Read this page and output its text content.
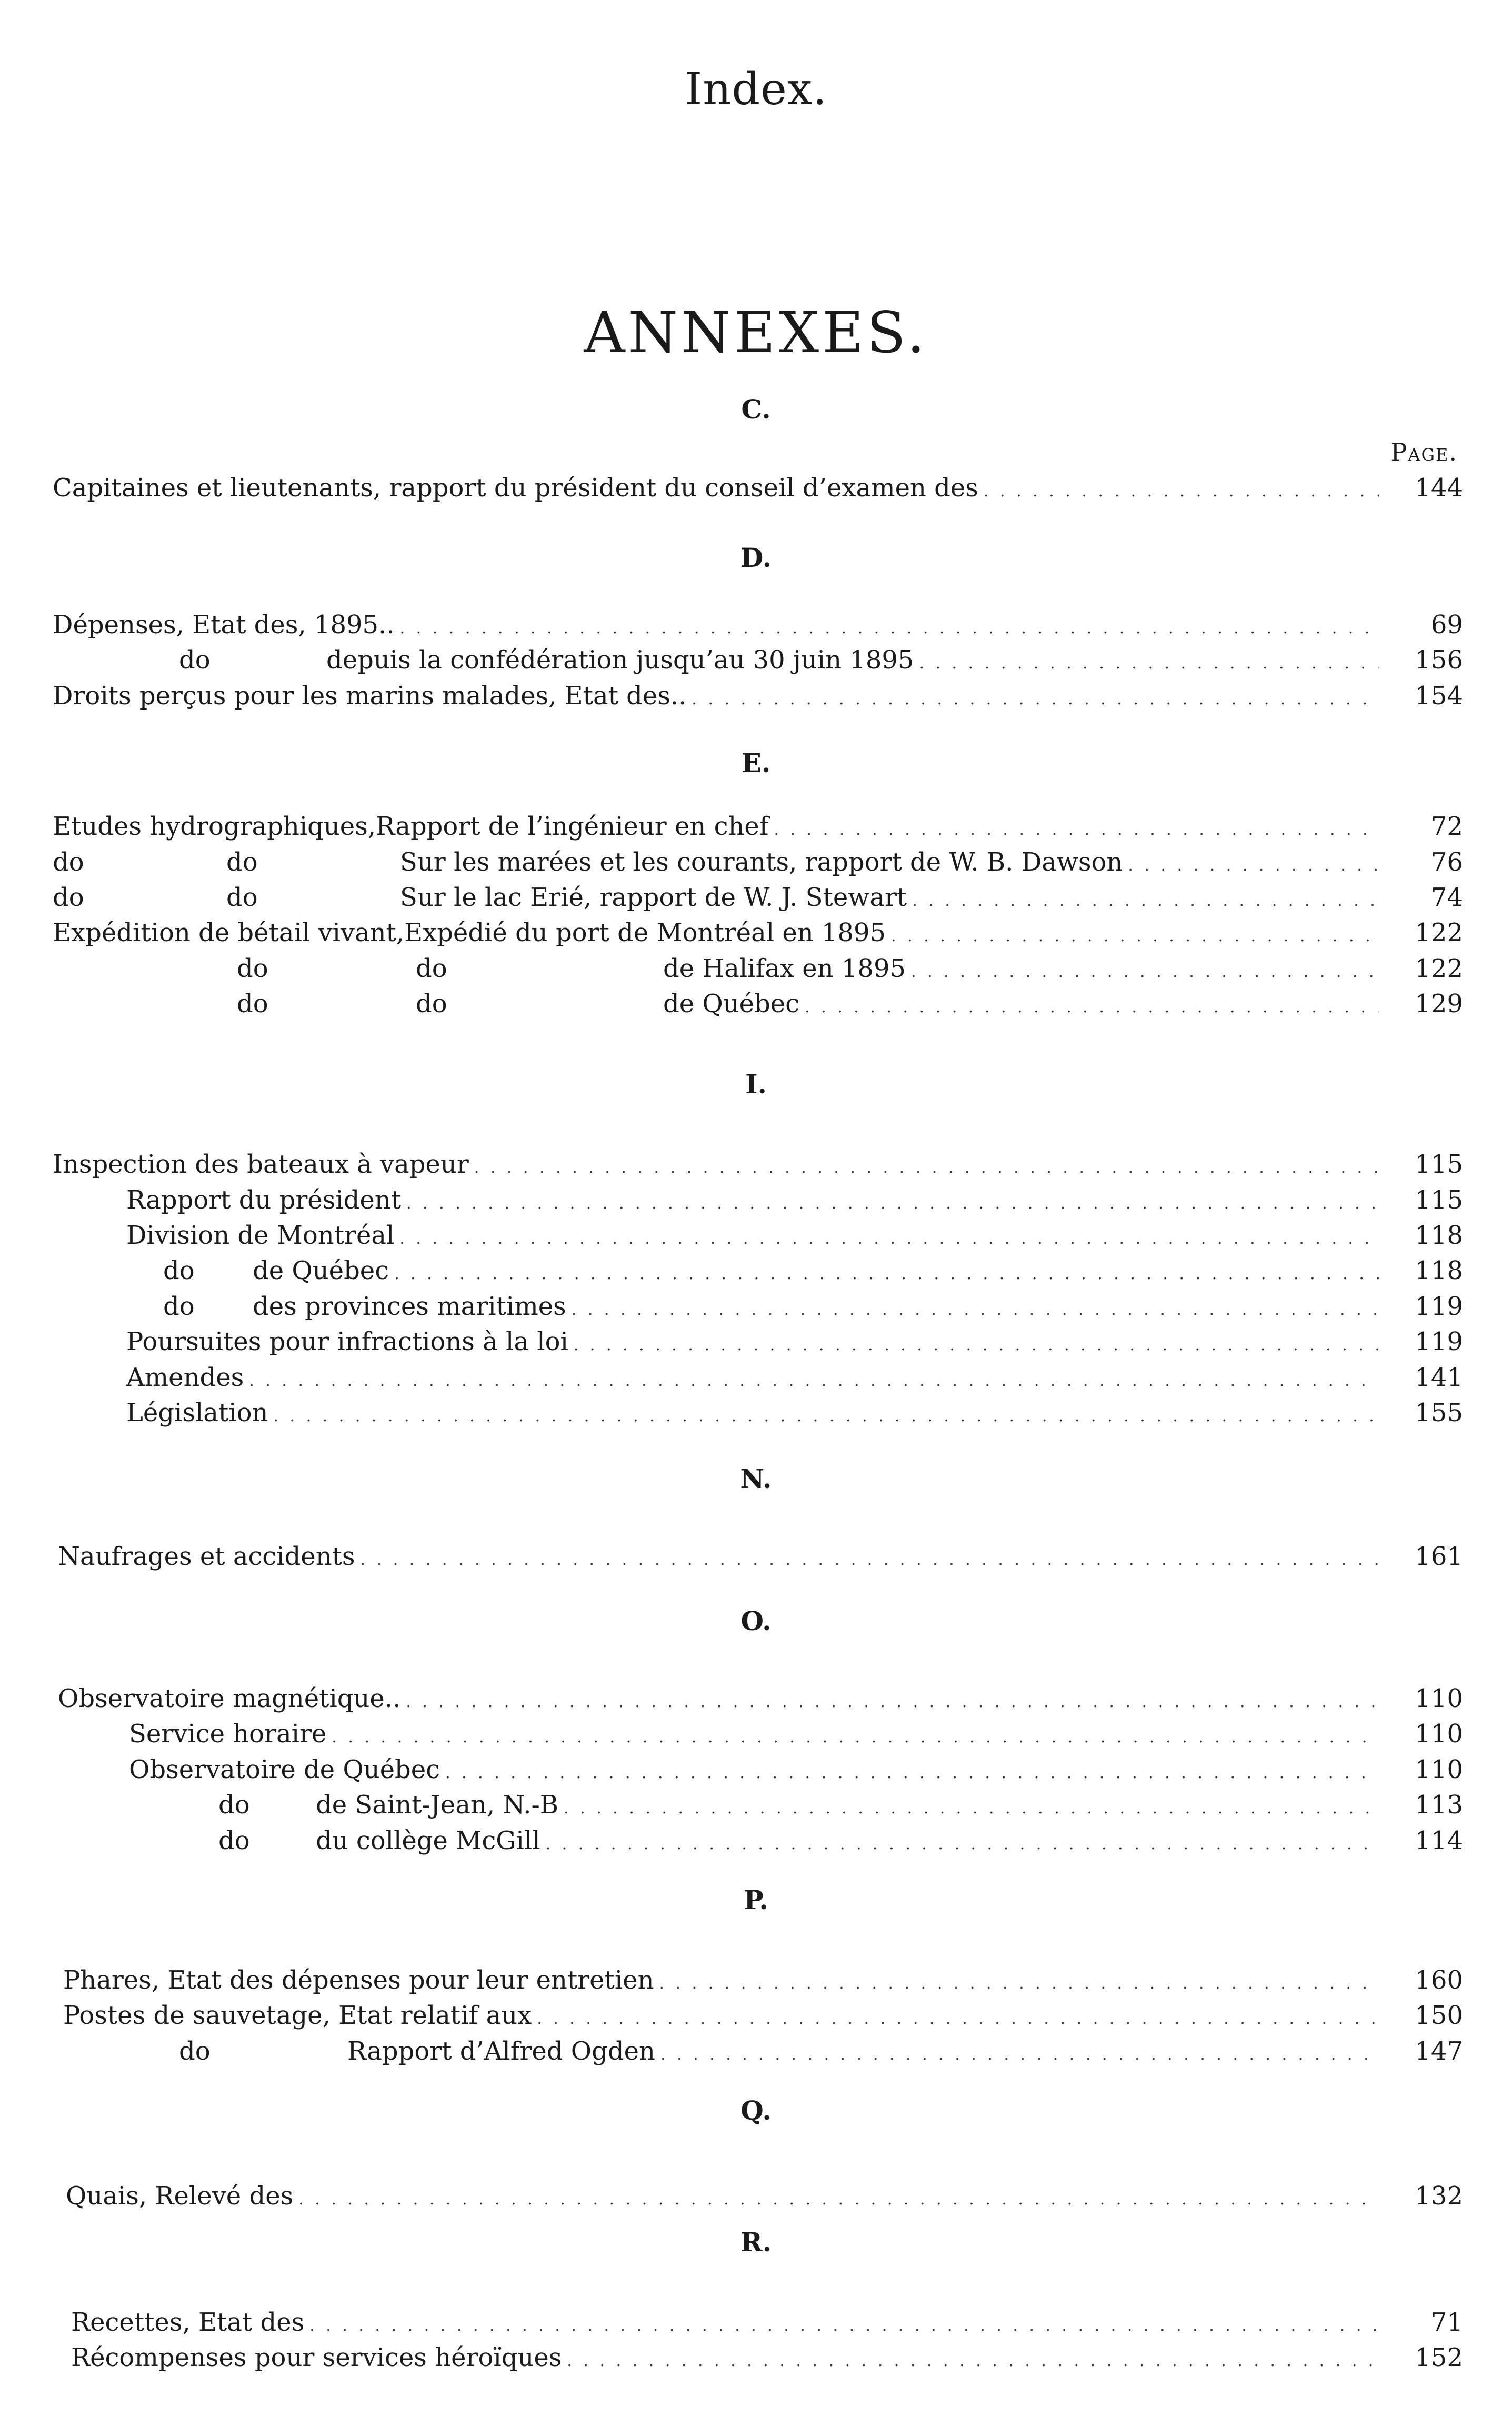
Index.
ANNEXES.
Page.
C.
Capitaines et lieutenants, rapport du président du conseil d’examen des . . .	144
D.
Dépenses, Etat des, 1895.. . . .	69
do	depuis la confédération jusqu’au 30 juin 1895 . . .	156
Droits perçus pour les marins malades, Etat des.. . . .	154
E.
Etudes hydrographiques, Rapport de l’ingénieur en chef . . .	72
do	do	Sur les marées et les courants, rapport de W. B. Dawson . . .	76
do	do	Sur le lac Erié, rapport de W. J. Stewart . . .	74
Expédition de bétail vivant, Expédié du port de Montréal en 1895 . . .	122
do	do	de Halifax en 1895 . . .	122
do	do	de Québec . . .	129
I.
Inspection des bateaux à vapeur . . .	115
Rapport du président . . .	115
Division de Montréal . . .	118
do de Québec . . .	118
do des provinces maritimes . . .	119
Poursuites pour infractions à la loi . . .	119
Amendes . . .	141
Législation . . .	155
N.
Naufrages et accidents . . .	161
O.
Observatoire magnétique.. . . .	110
Service horaire . . .	110
Observatoire de Québec . . .	110
do	de Saint-Jean, N.-B . . .	113
do	du collège McGill . . .	114
P.
Phares, Etat des dépenses pour leur entretien . . .	160
Postes de sauvetage, Etat relatif aux . . .	150
do	Rapport d’Alfred Ogden . . .	147
Q.
Quais, Relevé des . . .	132
R.
Recettes, Etat des . . .	71
Récompenses pour services héroïques . . .	152
